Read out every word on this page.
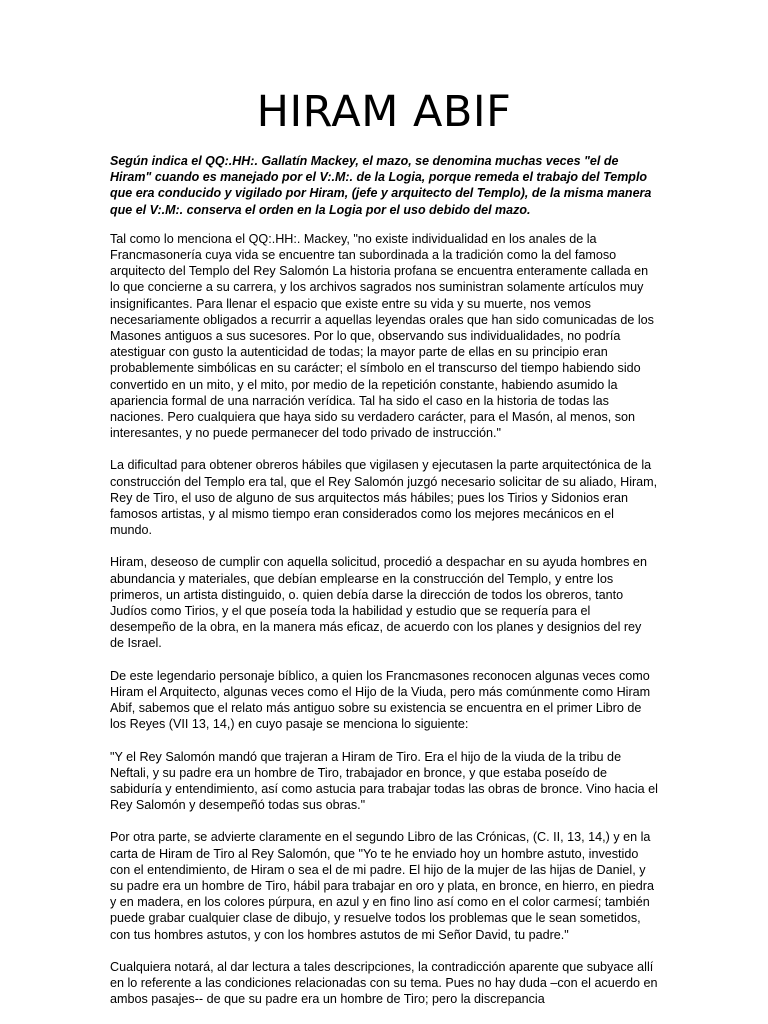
HIRAM ABIF

Según indica el QQ:.HH:. Gallatín Mackey, el mazo, se denomina muchas veces "el de Hiram" cuando es manejado por el V:.M:. de la Logia, porque remeda el trabajo del Templo que era conducido y vigilado por Hiram, (jefe y arquitecto del Templo), de la misma manera que el V:.M:. conserva el orden en la Logia por el uso debido del mazo.

Tal como lo menciona el QQ:.HH:. Mackey, "no existe individualidad en los anales de la Francmasonería cuya vida se encuentre tan subordinada a la tradición como la del famoso arquitecto del Templo del Rey Salomón La historia profana se encuentra enteramente callada en lo que concierne a su carrera, y los archivos sagrados nos suministran solamente artículos muy insignificantes. Para llenar el espacio que existe entre su vida y su muerte, nos vemos necesariamente obligados a recurrir a aquellas leyendas orales que han sido comunicadas de los Masones antiguos a sus sucesores. Por lo que, observando sus individualidades, no podría atestiguar con gusto la autenticidad de todas; la mayor parte de ellas en su principio eran probablemente simbólicas en su carácter; el símbolo en el transcurso del tiempo habiendo sido convertido en un mito, y el mito, por medio de la repetición constante, habiendo asumido la apariencia formal de una narración verídica. Tal ha sido el caso en la historia de todas las naciones. Pero cualquiera que haya sido su verdadero carácter, para el Masón, al menos, son interesantes, y no puede permanecer del todo privado de instrucción."

La dificultad para obtener obreros hábiles que vigilasen y ejecutasen la parte arquitectónica de la construcción del Templo era tal, que el Rey Salomón juzgó necesario solicitar de su aliado, Hiram, Rey de Tiro, el uso de alguno de sus arquitectos más hábiles; pues los Tirios y Sidonios eran famosos artistas, y al mismo tiempo eran considerados como los mejores mecánicos en el mundo.

Hiram, deseoso de cumplir con aquella solicitud, procedió a despachar en su ayuda hombres en abundancia y materiales, que debían emplearse en la construcción del Templo, y entre los primeros, un artista distinguido, o. quien debía darse la dirección de todos los obreros, tanto Judíos como Tirios, y el que poseía toda la habilidad y estudio que se requería para el desempeño de la obra, en la manera más eficaz, de acuerdo con los planes y designios del rey de Israel.

De este legendario personaje bíblico, a quien los Francmasones reconocen algunas veces como Hiram el Arquitecto, algunas veces como el Hijo de la Viuda, pero más comúnmente como Hiram Abif, sabemos que el relato más antiguo sobre su existencia se encuentra en el primer Libro de los Reyes (VII 13, 14,) en cuyo pasaje se menciona lo siguiente:

"Y el Rey Salomón mandó que trajeran a Hiram de Tiro. Era el hijo de la viuda de la tribu de Neftali, y su padre era un hombre de Tiro, trabajador en bronce, y que estaba poseído de sabiduría y entendimiento, así como astucia para trabajar todas las obras de bronce. Vino hacia el Rey Salomón y desempeñó todas sus obras."

Por otra parte, se advierte claramente en el segundo Libro de las Crónicas, (C. II, 13, 14,) y en la carta de Hiram de Tiro al Rey Salomón, que "Yo te he enviado hoy un hombre astuto, investido con el entendimiento, de Hiram o sea el de mi padre. El hijo de la mujer de las hijas de Daniel, y su padre era un hombre de Tiro, hábil para trabajar en oro y plata, en bronce, en hierro, en piedra y en madera, en los colores púrpura, en azul y en fino lino así como en el color carmesí; también puede grabar cualquier clase de dibujo, y resuelve todos los problemas que le sean sometidos, con tus hombres astutos, y con los hombres astutos de mi Señor David, tu padre."

Cualquiera notará, al dar lectura a tales descripciones, la contradicción aparente que subyace allí en lo referente a las condiciones relacionadas con su tema. Pues no hay duda –con el acuerdo en ambos pasajes-- de que su padre era un hombre de Tiro; pero la discrepancia
